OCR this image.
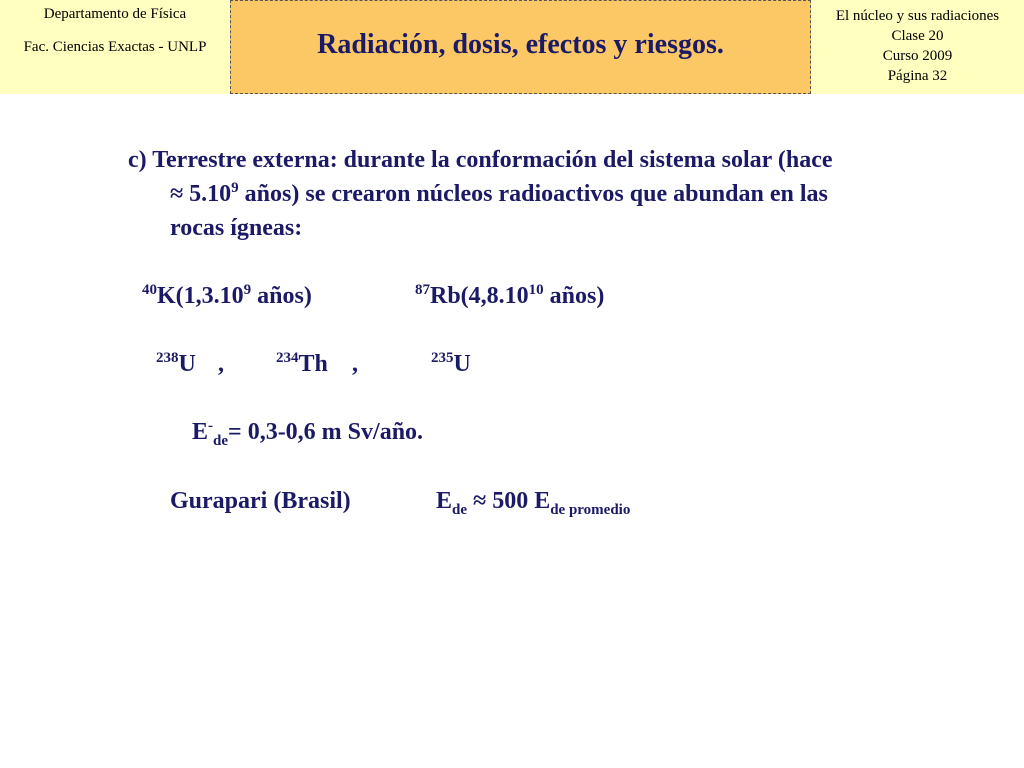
Departamento de Física
Fac. Ciencias Exactas - UNLP	Radiación, dosis, efectos y riesgos.
El núcleo y sus radiaciones
Clase 20
Curso 2009
Página 32
c) Terrestre externa: durante la conformación del sistema solar (hace
≈ $5.10^9$ años) se crearon núcleos radioactivos que abundan en las
rocas ígneas:
$^{40}$K(1,3.10$^9$ años)	$^{87}$Rb(4,8.10$^{10}$ años)
$^{238}$U ,	$^{234}$Th ,	$^{235}$U
$E^-_{de}= 0,3-0,6$ m Sv/año.
Gurapari (Brasil)	$E_{de} \approx 500$ $E_{de promedio}$
